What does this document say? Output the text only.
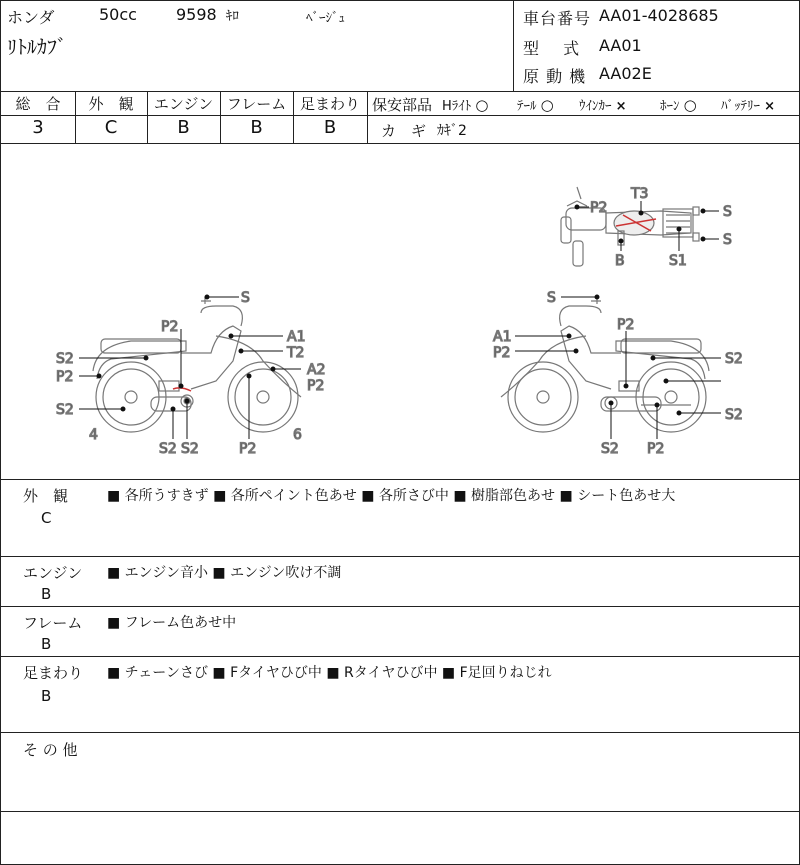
ホンダ	50cc 9598 ｷﾛ	ﾍﾞｰｼﾞｭ
ﾘﾄﾙｶﾌﾞ
車台番号 AA01-4028685
型　 式 AA01
原 動 機 AA02E
総　合	外　観	エンジン フレーム 足まわり
3	C	B	B	B
保安部品 Hﾗｲﾄ ○ ﾃｰﾙ ○ ｳｲﾝｶｰ ×	ﾎｰﾝ ○ ﾊﾞｯﾃﾘｰ ×
カ　ギ ｶｷﾞ2
P2
T3
S
S
B	S1
S
P2
A1
T2
S2
A2
P2
P2
S2
4
S2 S2	P2
6
S
A1
P2
P2
S2
S2
S2 P2
外　観
C
■ 各所うすきず ■ 各所ペイント色あせ ■ 各所さび中 ■ 樹脂部色あせ ■ シート色あせ大
エンジン
B
■ エンジン音小 ■ エンジン吹け不調
フレーム
B
■ フレーム色あせ中
足まわり
B
■ チェーンさび ■ Fタイヤひび中 ■ Rタイヤひび中 ■ F足回りねじれ
そ の 他
